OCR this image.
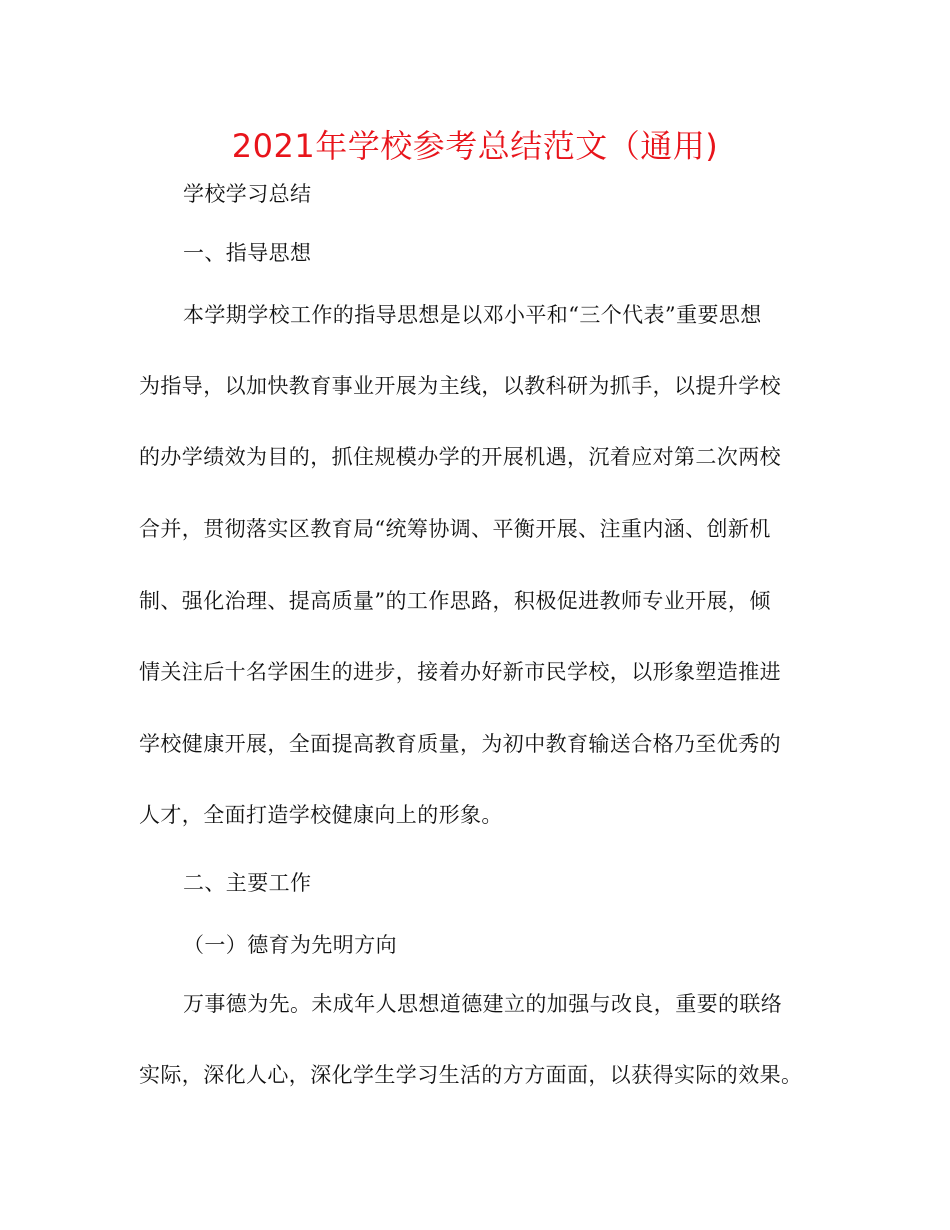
2021年学校参考总结范文（通用)
学校学习总结
一、指导思想
本学期学校工作的指导思想是以邓小平和“三个代表”重要思想
为指导，以加快教育事业开展为主线，以教科研为抓手，以提升学校
的办学绩效为目的，抓住规模办学的开展机遇，沉着应对第二次两校
合并，贯彻落实区教育局“统筹协调、平衡开展、注重内涵、创新机
制、强化治理、提高质量”的工作思路，积极促进教师专业开展，倾
情关注后十名学困生的进步，接着办好新市民学校，以形象塑造推进
学校健康开展，全面提高教育质量，为初中教育输送合格乃至优秀的
人才，全面打造学校健康向上的形象。
二、主要工作
（一）德育为先明方向
万事德为先。未成年人思想道德建立的加强与改良，重要的联络
实际，深化人心，深化学生学习生活的方方面面，以获得实际的效果。
